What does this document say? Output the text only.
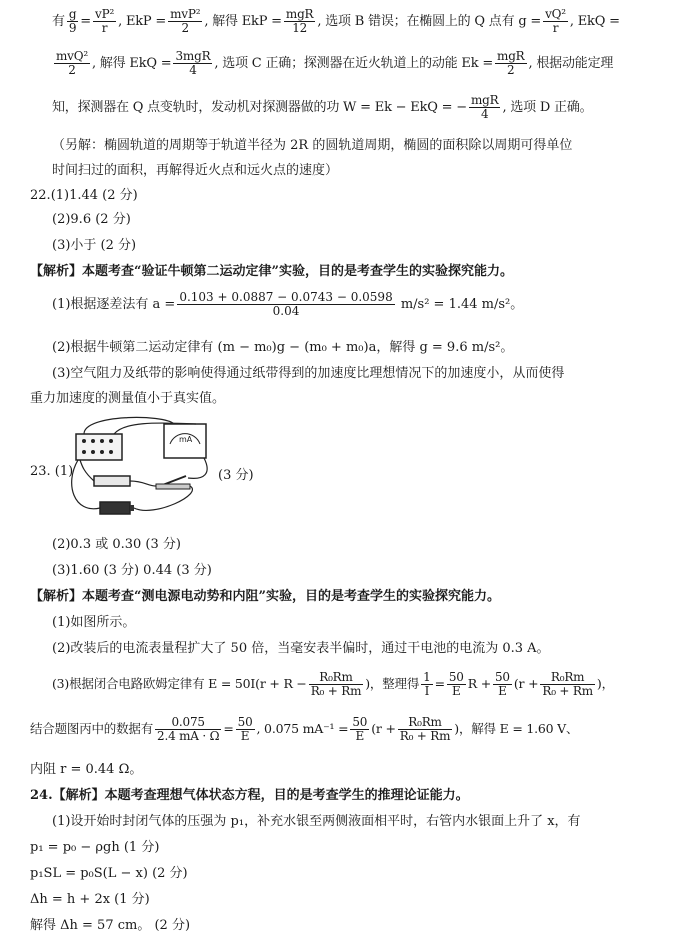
有 $\frac{g}{9} = \frac{\text{vP²}}{r}$ , EkP = $\frac{\text{mvP²}}{2}$ , 解得 EkP = $\frac{\text{mgR}}{12}$ , 选项 B 错误；在椭圆上的 Q 点有 $g = \frac{\text{vQ²}}{r}$ , EkQ =
$\frac{\text{mvQ²}}{2}$ , 解得 EkQ = $\frac{\text{3mgR}}{4}$ , 选项 C 正确；探测器在近火轨道上的动能 $Ek = \frac{\text{mgR}}{2}$ , 根据动能定理
知，探测器在 Q 点变轨时，发动机对探测器做的功 W = Ek − EkQ = − $\frac{\text{mgR}}{4}$ , 选项 D 正确。
（另解：椭圆轨道的周期等于轨道半径为 2R 的圆轨道周期，椭圆的面积除以周期可得单位
时间扫过的面积，再解得近火点和远火点的速度）
22.(1)1.44 (2 分)
(2)9.6 (2 分)
(3)小于 (2 分)
【解析】本题考查“验证牛顿第二运动定律”实验，目的是考查学生的实验探究能力。
(1)根据逐差法有 $a = \frac{0.103 + 0.0887 - 0.0743 - 0.0598}{0.04} m/s^2 = 1.44$ m/s²。
(2)根据牛顿第二运动定律有 (m − m₀)g − (m₀ + m₀)a，解得 g = 9.6 m/s²。
(3)空气阻力及纸带的影响使得通过纸带得到的加速度比理想情况下的加速度小，从而使得
重力加速度的测量值小于真实值。
23. (1)
mA
(3 分)
(2)0.3 或 0.30 (3 分)
(3)1.60 (3 分) 0.44 (3 分)
【解析】本题考查“测电源电动势和内阻”实验，目的是考查学生的实验探究能力。
(1)如图所示。
(2)改装后的电流表量程扩大了 50 倍，当毫安表半偏时，通过干电池的电流为 0.3 A。
(3)根据闭合电路欧姆定律有 $E = 50I(r + R - \frac{\text{R₀Rm}}{\text{R₀ + Rm}}$ )，整理得 $\frac{1}{I} = \frac{50}{E}$ $R + \frac{50}{E} (r + \frac{\text{R₀Rm}}{\text{R₀ + Rm}}$ )，
结合题图丙中的数据有 $\frac{0.075}{2.4 mA \cdot \Omega} = \frac{50}{E}$ , 0.075 $mA^{-1} = \frac{50}{E} (r + \frac{\text{R₀Rm}}{\text{R₀ + Rm}}$ )，解得 E = 1.60 V、
内阻 r = 0.44 Ω。
24.【解析】本题考查理想气体状态方程，目的是考查学生的推理论证能力。
(1)设开始时封闭气体的压强为 p₁，补充水银至两侧液面相平时，右管内水银面上升了 x，有
p₁ = p₀ − ρgh (1 分)
p₁SL = p₀S(L − x) (2 分)
Δh = h + 2x (1 分)
解得 Δh = 57 cm。 (2 分)
